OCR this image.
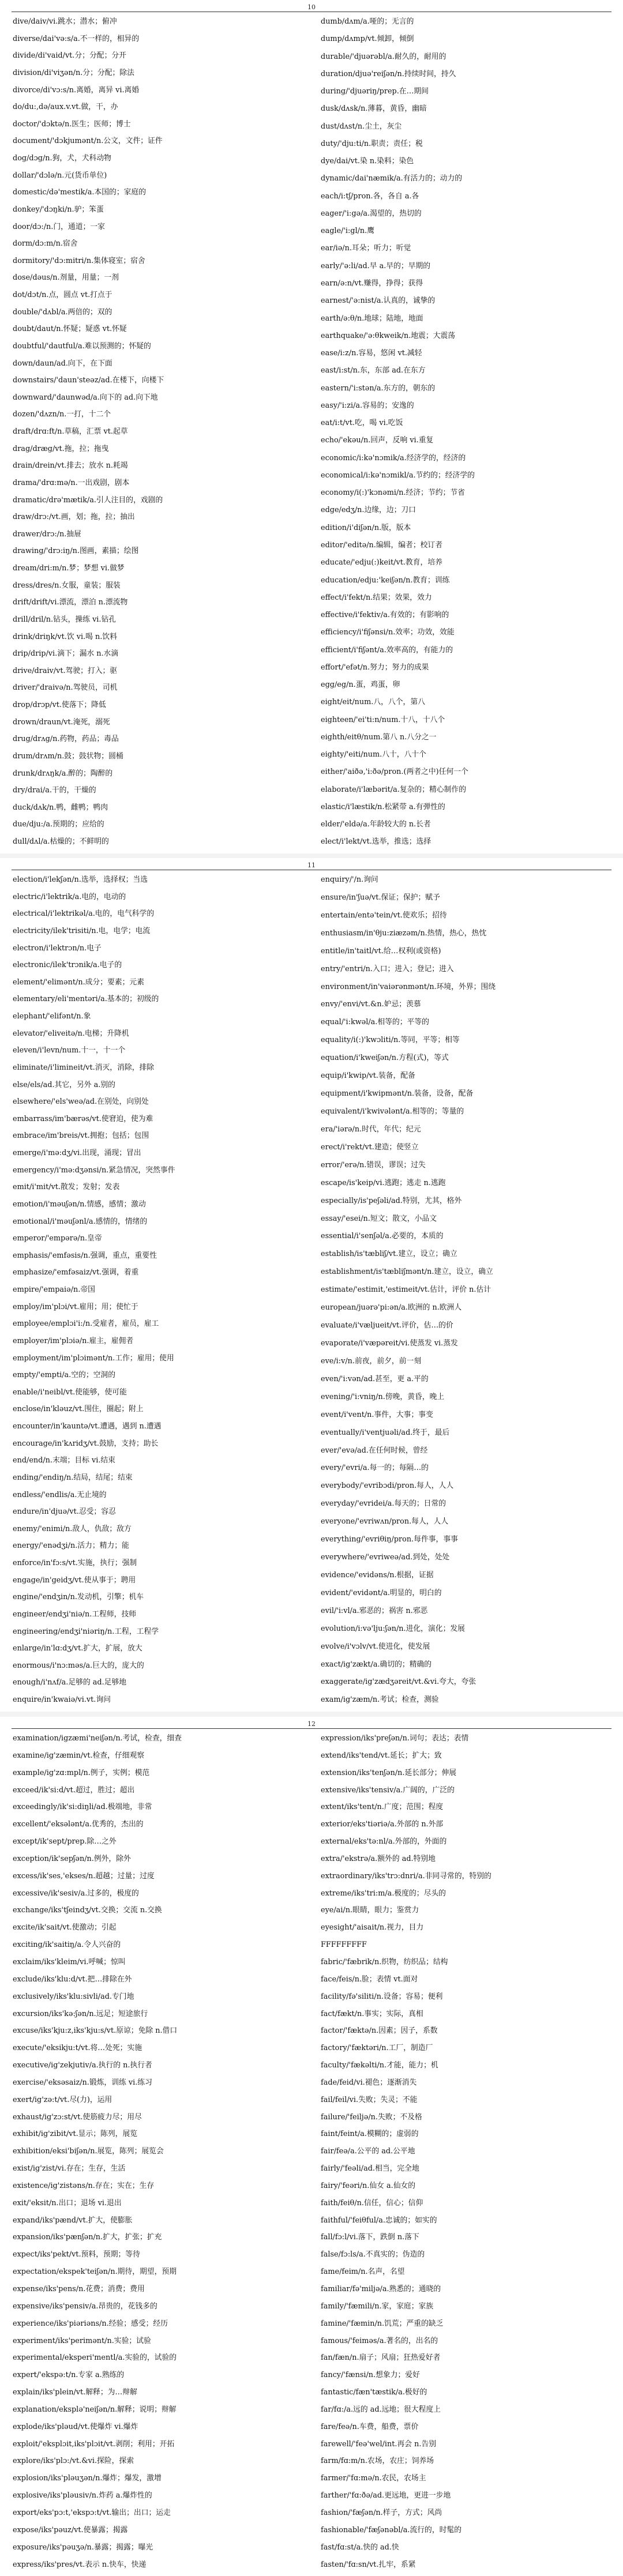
10
dive/daiv/vi.跳水；潜水；俯冲
diverse/dai'və:s/a.不一样的，相异的
divide/di'vaid/vt.分；分配；分开
division/di'viʒən/n.分；分配；除法
divorce/di'vɔ:s/n.离婚，离异 vi.离婚
do/du:,də/aux.v.vt.做，干，办
doctor/'dɔktə/n.医生；医师；博士
document/'dɔkjumənt/n.公文，文件；证件
dog/dɔg/n.狗，犬，犬科动物
dollar/'dɔlə/n.元(货币单位)
domestic/də'mestik/a.本国的；家庭的
donkey/'dɔŋki/n.驴；笨蛋
door/dɔ:/n.门，通道；一家
dorm/dɔ:m/n.宿舍
dormitory/'dɔ:mitri/n.集体寝室；宿舍
dose/dəus/n.剂量，用量；一剂
dot/dɔt/n.点，圆点 vt.打点于
double/'dʌbl/a.两倍的；双的
doubt/daut/n.怀疑；疑惑 vt.怀疑
doubtful/'dautful/a.难以预测的；怀疑的
down/daun/ad.向下，在下面
downstairs/'daun'steəz/ad.在楼下，向楼下
downward/'daunwəd/a.向下的 ad.向下地
dozen/'dʌzn/n.一打，十二个
draft/drɑ:ft/n.草稿，汇票 vt.起草
drag/dræg/vt.拖，拉；拖曳
drain/drein/vt.排去；放水 n.耗竭
drama/'drɑ:mə/n.一出戏剧，剧本
dramatic/drə'mætik/a.引人注目的，戏剧的
draw/drɔ:/vt.画，划；拖，拉；抽出
drawer/drɔ:/n.抽屉
drawing/'drɔ:iŋ/n.图画，素描；绘图
dream/dri:m/n.梦；梦想 vi.做梦
dress/dres/n.女服，童装；服装
drift/drift/vi.漂流，漂泊 n.漂流物
drill/dril/n.钻头，操练 vi.钻孔
drink/driŋk/vt.饮 vi.喝 n.饮料
drip/drip/vi.滴下；漏水 n.水滴
drive/draiv/vt.驾驶；打入；驱
driver/'draivə/n.驾驶员，司机
drop/drɔp/vt.使落下；降低
drown/draun/vt.淹死，溺死
drug/drʌg/n.药物，药品；毒品
drum/drʌm/n.鼓；鼓状物；圆桶
drunk/drʌŋk/a.醉的；陶醉的
dry/drai/a.干的，干燥的
duck/dʌk/n.鸭，雌鸭；鸭肉
due/dju:/a.预期的；应给的
dull/dʌl/a.枯燥的；不鲜明的
dumb/dʌm/a.哑的；无言的
dump/dʌmp/vt.倾卸，倾倒
durable/'djuərəbl/a.耐久的，耐用的
duration/djuə'reiʃən/n.持续时间，持久
during/'djuəriŋ/prep.在…期间
dusk/dʌsk/n.薄暮，黄昏，幽暗
dust/dʌst/n.尘土，灰尘
duty/'dju:ti/n.职责；责任；税
dye/dai/vt.染 n.染料；染色
dynamic/dai'næmik/a.有活力的；动力的
each/i:tʃ/pron.各，各自 a.各
eager/'i:gə/a.渴望的，热切的
eagle/'i:gl/n.鹰
ear/iə/n.耳朵；听力；听觉
early/'ə:li/ad.早 a.早的；早期的
earn/ə:n/vt.赚得，挣得；获得
earnest/'ə:nist/a.认真的，诚挚的
earth/ə:θ/n.地球；陆地，地面
earthquake/'ə:θkweik/n.地震；大震荡
ease/i:z/n.容易，悠闲 vt.减轻
east/i:st/n.东，东部 ad.在东方
eastern/'i:stən/a.东方的，朝东的
easy/'i:zi/a.容易的；安逸的
eat/i:t/vt.吃，喝 vi.吃饭
echo/'ekəu/n.回声，反响 vi.重复
economic/i:kə'nɔmik/a.经济学的，经济的
economical/i:kə'nɔmikl/a.节约的；经济学的
economy/i(:)'kɔnəmi/n.经济；节约；节省
edge/edʒ/n.边缘，边；刀口
edition/i'diʃən/n.版，版本
editor/'editə/n.编辑，编者；校订者
educate/'edju(:)keit/vt.教育，培养
education/edju:'keiʃən/n.教育；训练
effect/i'fekt/n.结果；效果，效力
effective/i'fektiv/a.有效的；有影响的
efficiency/i'fiʃənsi/n.效率；功效，效能
efficient/i'fiʃənt/a.效率高的，有能力的
effort/'efət/n.努力；努力的成果
egg/eg/n.蛋，鸡蛋，卵
eight/eit/num.八，八个，第八
eighteen/'ei'ti:n/num.十八，十八个
eighth/eitθ/num.第八 n.八分之一
eighty/'eiti/num.八十，八十个
either/'aiðə,'i:ðə/pron.(两者之中)任何一个
elaborate/i'læbərit/a.复杂的；精心制作的
elastic/i'læstik/n.松紧带 a.有弹性的
elder/'eldə/a.年龄较大的 n.长者
elect/i'lekt/vt.选举，推选；选择
11
election/i'lekʃən/n.选举，选择权；当选
electric/i'lektrik/a.电的，电动的
electrical/i'lektrikəl/a.电的，电气科学的
electricity/ilek'trisiti/n.电，电学；电流
electron/i'lektrɔn/n.电子
electronic/ilek'trɔnik/a.电子的
element/'elimənt/n.成分；要素；元素
elementary/eli'mentəri/a.基本的；初级的
elephant/'elifənt/n.象
elevator/'eliveitə/n.电梯；升降机
eleven/i'levn/num.十一，十一个
eliminate/i'limineit/vt.消灭，消除，排除
else/els/ad.其它，另外 a.别的
elsewhere/'els'weə/ad.在别处，向别处
embarrass/im'bærəs/vt.使窘迫，使为难
embrace/im'breis/vt.拥抱；包括；包围
emerge/i'mə:dʒ/vi.出现，涌现；冒出
emergency/i'mə:dʒənsi/n.紧急情况，突然事件
emit/i'mit/vt.散发；发射；发表
emotion/i'məuʃən/n.情感，感情；激动
emotional/i'məuʃənl/a.感情的，情绪的
emperor/'empərə/n.皇帝
emphasis/'emfəsis/n.强调，重点，重要性
emphasize/'emfəsaiz/vt.强调，着重
empire/'empaiə/n.帝国
employ/im'plɔi/vt.雇用；用；使忙于
employee/emplɔi'i:/n.受雇者，雇员，雇工
employer/im'plɔiə/n.雇主，雇佣者
employment/im'plɔimənt/n.工作；雇用；使用
empty/'empti/a.空的；空洞的
enable/i'neibl/vt.使能够，使可能
enclose/in'kləuz/vt.围住，圈起；附上
encounter/in'kauntə/vt.遭遇，遇到 n.遭遇
encourage/in'kʌridʒ/vt.鼓励，支持；助长
end/end/n.末端；目标 vi.结束
ending/'endiŋ/n.结局，结尾；结束
endless/'endlis/a.无止境的
endure/in'djuə/vt.忍受；容忍
enemy/'enimi/n.敌人，仇敌；敌方
energy/'enədʒi/n.活力；精力；能
enforce/in'fɔ:s/vt.实施，执行；强制
engage/in'geidʒ/vt.使从事于；聘用
engine/'endʒin/n.发动机，引擎；机车
engineer/endʒi'niə/n.工程师，技师
engineering/endʒi'niəriŋ/n.工程，工程学
enlarge/in'lɑ:dʒ/vt.扩大，扩展，放大
enormous/i'nɔ:məs/a.巨大的，庞大的
enough/i'nʌf/a.足够的 ad.足够地
enquire/in'kwaiə/vi.vt.询问
enquiry/'/n.询问
ensure/in'ʃuə/vt.保证；保护；赋予
entertain/entə'tein/vt.使欢乐；招待
enthusiasm/in'θju:ziæzəm/n.热情，热心，热忱
entitle/in'taitl/vt.给…权利(或资格)
entry/'entri/n.入口；进入；登记；进入
environment/in'vaiərənmənt/n.环境，外界；围绕
envy/'envi/vt.&n.妒忌；羡慕
equal/'i:kwəl/a.相等的；平等的
equality/i(:)'kwɔliti/n.等同，平等；相等
equation/i'kweiʃən/n.方程(式)，等式
equip/i'kwip/vt.装备，配备
equipment/i'kwipmənt/n.装备，设备，配备
equivalent/i'kwivələnt/a.相等的；等量的
era/'iərə/n.时代，年代；纪元
erect/i'rekt/vt.建造；使竖立
error/'erə/n.错误，谬误；过失
escape/is'keip/vi.逃跑；逃走 n.逃跑
especially/is'peʃəli/ad.特别，尤其，格外
essay/'esei/n.短文；散文，小品文
essential/i'senʃəl/a.必要的，本质的
establish/is'tæbliʃ/vt.建立，设立；确立
establishment/is'tæbliʃmənt/n.建立，设立，确立
estimate/'estimit,'estimeit/vt.估计，评价 n.估计
european/juərə'pi:ən/a.欧洲的 n.欧洲人
evaluate/i'væljueit/vt.评价，估…的价
evaporate/i'væpəreit/vi.使蒸发 vi.蒸发
eve/i:v/n.前夜，前夕，前一刻
even/'i:vən/ad.甚至，更 a.平的
evening/'i:vniŋ/n.傍晚，黄昏，晚上
event/i'vent/n.事件，大事；事变
eventually/i'ventjuəli/ad.终于，最后
ever/'evə/ad.在任何时候，曾经
every/'evri/a.每一的；每隔…的
everybody/'evribɔdi/pron.每人，人人
everyday/'evridei/a.每天的；日常的
everyone/'evriwʌn/pron.每人，人人
everything/'evriθiŋ/pron.每件事，事事
everywhere/'evriweə/ad.到处，处处
evidence/'evidəns/n.根据，证据
evident/'evidənt/a.明显的，明白的
evil/'i:vl/a.邪恶的；祸害 n.邪恶
evolution/i:və'lju:ʃən/n.进化，演化；发展
evolve/i'vɔlv/vt.使进化，使发展
exact/ig'zækt/a.确切的；精确的
exaggerate/ig'zædʒəreit/vt.&vi.夸大，夸张
exam/ig'zæm/n.考试；检查，测验
12
examination/igzæmi'neiʃən/n.考试，检查，细查
examine/ig'zæmin/vt.检查，仔细观察
example/ig'zɑ:mpl/n.例子，实例；模范
exceed/ik'si:d/vt.超过，胜过；超出
exceedingly/ik'si:diŋli/ad.极端地，非常
excellent/'eksələnt/a.优秀的，杰出的
except/ik'sept/prep.除…之外
exception/ik'sepʃən/n.例外，除外
excess/ik'ses,'ekses/n.超越；过量；过度
excessive/ik'sesiv/a.过多的，极度的
exchange/iks'tʃeindʒ/vt.交换；交流 n.交换
excite/ik'sait/vt.使激动；引起
exciting/ik'saitiŋ/a.令人兴奋的
exclaim/iks'kleim/vi.呼喊；惊叫
exclude/iks'klu:d/vt.把…排除在外
exclusively/iks'klu:sivli/ad.专门地
excursion/iks'kə:ʃən/n.远足；短途旅行
excuse/iks'kju:z,iks'kju:s/vt.原谅；免除 n.借口
execute/'eksikju:t/vt.将…处死；实施
executive/ig'zekjutiv/a.执行的 n.执行者
exercise/'eksəsaiz/n.锻炼，训练 vi.练习
exert/ig'zə:t/vt.尽(力)，运用
exhaust/ig'zɔ:st/vt.使筋疲力尽；用尽
exhibit/ig'zibit/vt.显示；陈列，展览
exhibition/eksi'biʃən/n.展览，陈列；展览会
exist/ig'zist/vi.存在；生存，生活
existence/ig'zistəns/n.存在；实在；生存
exit/'eksit/n.出口；退场 vi.退出
expand/iks'pænd/vt.扩大，使膨胀
expansion/iks'pænʃən/n.扩大，扩张；扩充
expect/iks'pekt/vt.预料，预期；等待
expectation/ekspek'teiʃən/n.期待，期望，预期
expense/iks'pens/n.花费；消费；费用
expensive/iks'pensiv/a.昂贵的，花钱多的
experience/iks'piəriəns/n.经验；感受；经历
experiment/iks'perimənt/n.实验；试验
experimental/eksperi'mentl/a.实验的，试验的
expert/'ekspə:t/n.专家 a.熟练的
explain/iks'plein/vt.解释；为…辩解
explanation/eksplə'neiʃən/n.解释；说明；辩解
explode/iks'pləud/vt.使爆炸 vi.爆炸
exploit/'eksplɔit,iks'plɔit/vt.剥削；利用；开拓
explore/iks'plɔ:/vt.&vi.探险，探索
explosion/iks'pləuʒən/n.爆炸；爆发，激增
explosive/iks'pləusiv/n.炸药 a.爆炸性的
export/eks'pɔ:t,'ekspɔ:t/vt.输出；出口；运走
expose/iks'pəuz/vt.使暴露；揭露
exposure/iks'pəuʒə/n.暴露；揭露；曝光
express/iks'pres/vt.表示 n.快车，快递
expression/iks'preʃən/n.词句；表达；表情
extend/iks'tend/vt.延长；扩大；致
extension/iks'tenʃən/n.延长部分；伸展
extensive/iks'tensiv/a.广阔的，广泛的
extent/iks'tent/n.广度；范围；程度
exterior/eks'tiəriə/a.外部的 n.外部
external/eks'tə:nl/a.外部的，外面的
extra/'ekstrə/a.额外的 ad.特别地
extraordinary/iks'trɔ:dnri/a.非同寻常的，特别的
extreme/iks'tri:m/a.极度的；尽头的
eye/ai/n.眼睛，眼力；鉴赏力
eyesight/'aisait/n.视力，目力
FFFFFFFFF
fabric/'fæbrik/n.织物，纺织品；结构
face/feis/n.脸；表情 vt.面对
facility/fə'siliti/n.设备；容易；便利
fact/fækt/n.事实；实际，真相
factor/'fæktə/n.因素；因子，系数
factory/'fæktəri/n.工厂，制造厂
faculty/'fækəlti/n.才能，能力；机
fade/feid/vi.褪色；逐渐消失
fail/feil/vi.失败；失灵；不能
failure/'feiljə/n.失败；不及格
faint/feint/a.模糊的；虚弱的
fair/feə/a.公平的 ad.公平地
fairly/'feəli/ad.相当，完全地
fairy/'feəri/n.仙女 a.仙女的
faith/feiθ/n.信任，信心；信仰
faithful/'feiθful/a.忠诚的；如实的
fall/fɔ:l/vi.落下，跌倒 n.落下
false/fɔ:ls/a.不真实的；伪造的
fame/feim/n.名声，名望
familiar/fə'miljə/a.熟悉的；通晓的
family/'fæmili/n.家，家庭；家族
famine/'fæmin/n.饥荒；严重的缺乏
famous/'feiməs/a.著名的，出名的
fan/fæn/n.扇子；风扇；狂热爱好者
fancy/'fænsi/n.想象力；爱好
fantastic/fæn'tæstik/a.极好的
far/fɑ:/a.远的 ad.远地；很大程度上
fare/feə/n.车费，船费，票价
farewell/'feə'wel/int.再会 n.告别
farm/fɑ:m/n.农场，农庄；饲养场
farmer/'fɑ:mə/n.农民，农场主
farther/'fɑ:ðə/ad.更远地，更进一步地
fashion/'fæʃən/n.样子，方式；风尚
fashionable/'fæʃənəbl/a.流行的，时髦的
fast/fɑ:st/a.快的 ad.快
fasten/'fɑ:sn/vt.扎牢，系紧
